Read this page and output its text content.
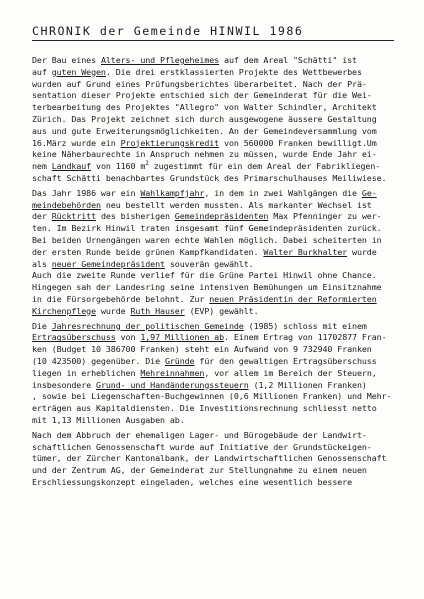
CHRONIK der Gemeinde HINWIL 1986
Der Bau eines Alters- und Pflegeheimes auf dem Areal "Schätti" ist
auf guten Wegen. Die drei erstklassierten Projekte des Wettbewerbes
wurden auf Grund eines Prüfungsberichtes überarbeitet. Nach der Prä-
sentation dieser Projekte entschied sich der Gemeinderat für die Wei-
terbearbeitung des Projektes "Allegro" von Walter Schindler, Architekt
Zürich. Das Projekt zeichnet sich durch ausgewogene äussere Gestaltung
aus und gute Erweiterungsmöglichkeiten. An der Gemeindeversammlung vom
16.März wurde ein Projektierungskredit von 560000 Franken bewilligt.Um
keine Näherbaurechte in Anspruch nehmen zu müssen, wurde Ende Jahr ei-
nem Landkauf von 1160 $m^2$ zugestimmt für ein dem Areal der Fabrikliegen-
schaft Schätti benachbartes Grundstück des Primarschulhauses Meiliwiese.
Das Jahr 1986 war ein Wahlkampfjahr, in dem in zwei Wahlgängen die Ge-
meindebehörden neu bestellt werden mussten. Als markanter Wechsel ist
der Rücktritt des bisherigen Gemeindepräsidenten Max Pfenninger zu wer-
ten. Im Bezirk Hinwil traten insgesamt fünf Gemeindepräsidenten zurück.
Bei beiden Urnengängen waren echte Wahlen möglich. Dabei scheiterten in
der ersten Runde beide grünen Kampfkandidaten. Walter Burkhalter wurde
als neuer Gemeindepräsident souverän gewählt.
Auch die zweite Runde verlief für die Grüne Partei Hinwil ohne Chance.
Hingegen sah der Landesring seine intensiven Bemühungen um Einsitznahme
in die Fürsorgebehörde belohnt. Zur neuen Präsidentin der Reformierten
Kirchenpflege wurde Ruth Hauser (EVP) gewählt.
Die Jahresrechnung der politischen Gemeinde (1985) schloss mit einem
Ertragsüberschuss von 1,97 Millionen ab. Einem Ertrag von 11702877 Fran-
ken (Budget 10 386700 Franken) steht ein Aufwand von 9 732940 Franken
(10 423500) gegenüber. Die Gründe für den gewaltigen Ertragsüberschuss
liegen in erheblichen Mehreinnahmen, vor allem im Bereich der Steuern,
insbesondere Grund- und Handänderungssteuern (1,2 Millionen Franken)
, sowie bei Liegenschaften-Buchgewinnen (0,6 Millionen Franken) und Mehr-
erträgen aus Kapitaldiensten. Die Investitionsrechnung schliesst netto
mit 1,13 Millionen Ausgaben ab.
Nach dem Abbruch der ehemaligen Lager- und Bürogebäude der Landwirt-
schaftlichen Genossenschaft wurde auf Initiative der Grundstückeigen-
tümer, der Zürcher Kantonalbank, der Landwirtschaftlichen Genossenschaft
und der Zentrum AG, der Gemeinderat zur Stellungnahme zu einem neuen
Erschliessungskonzept eingeladen, welches eine wesentlich bessere
